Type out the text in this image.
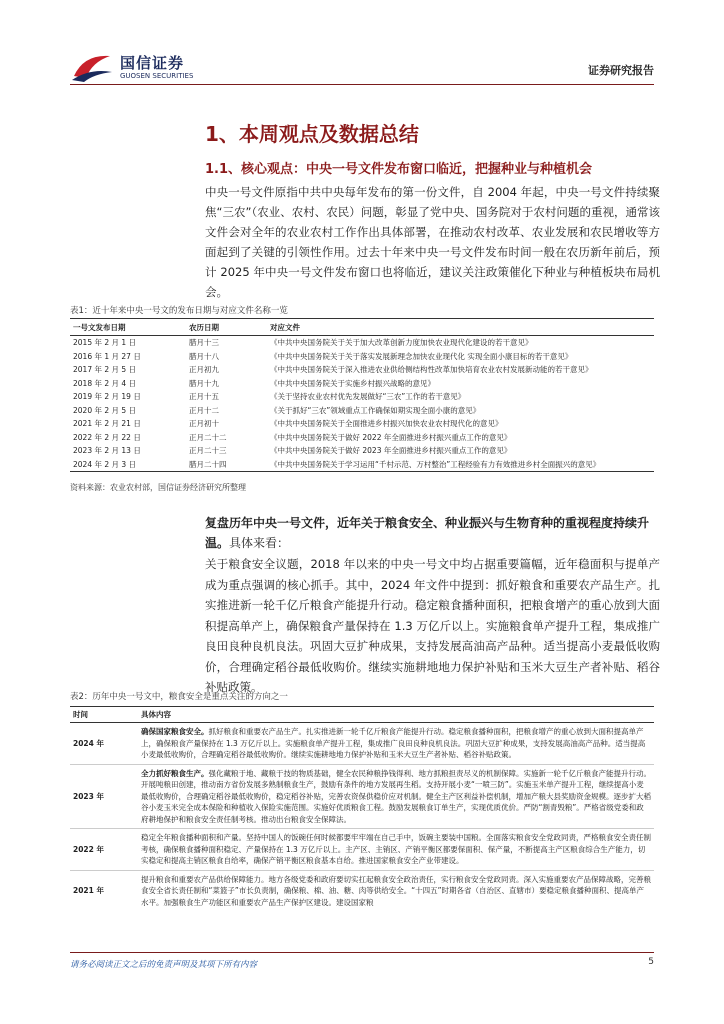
国信证券
GUOSEN SECURITIES	证券研究报告
1、本周观点及数据总结
1.1、核心观点：中央一号文件发布窗口临近，把握种业与种植机会
中央一号文件原指中共中央每年发布的第一份文件，自 2004 年起，中央一号文件持续聚焦“三农”（农业、农村、农民）问题，彰显了党中央、国务院对于农村问题的重视，通常该文件会对全年的农业农村工作作出具体部署，在推动农村改革、农业发展和农民增收等方面起到了关键的引领性作用。过去十年来中央一号文件发布时间一般在农历新年前后，预计 2025 年中央一号文件发布窗口也将临近，建议关注政策催化下种业与种植板块布局机会。
表1：近十年来中央一号文的发布日期与对应文件名称一览
一号文发布日期	农历日期	对应文件
2015 年 2 月 1 日	腊月十三	《中共中央国务院关于关于加大改革创新力度加快农业现代化建设的若干意见》
2016 年 1 月 27 日	腊月十八	《中共中央国务院关于关于落实发展新理念加快农业现代化 实现全面小康目标的若干意见》
2017 年 2 月 5 日	正月初九	《中共中央国务院关于深入推进农业供给侧结构性改革加快培育农业农村发展新动能的若干意见》
2018 年 2 月 4 日	腊月十九	《中共中央国务院关于实施乡村振兴战略的意见》
2019 年 2 月 19 日	正月十五	《关于坚持农业农村优先发展做好“三农”工作的若干意见》
2020 年 2 月 5 日	正月十二	《关于抓好“三农”领域重点工作确保如期实现全面小康的意见》
2021 年 2 月 21 日	正月初十	《中共中央国务院关于全面推进乡村振兴加快农业农村现代化的意见》
2022 年 2 月 22 日	正月二十二	《中共中央国务院关于做好 2022 年全面推进乡村振兴重点工作的意见》
2023 年 2 月 13 日	正月二十三	《中共中央国务院关于做好 2023 年全面推进乡村振兴重点工作的意见》
2024 年 2 月 3 日	腊月二十四	《中共中央国务院关于学习运用“千村示范、万村整治”工程经验有力有效推进乡村全面振兴的意见》
资料来源：农业农村部，国信证券经济研究所整理
复盘历年中央一号文件，近年关于粮食安全、种业振兴与生物育种的重视程度持续升温。具体来看：
关于粮食安全议题，2018 年以来的中央一号文中均占据重要篇幅，近年稳面积与提单产成为重点强调的核心抓手。其中，2024 年文件中提到：抓好粮食和重要农产品生产。扎实推进新一轮千亿斤粮食产能提升行动。稳定粮食播种面积，把粮食增产的重心放到大面积提高单产上，确保粮食产量保持在 1.3 万亿斤以上。实施粮食单产提升工程，集成推广良田良种良机良法。巩固大豆扩种成果，支持发展高油高产品种。适当提高小麦最低收购价，合理确定稻谷最低收购价。继续实施耕地地力保护补贴和玉米大豆生产者补贴、稻谷补贴政策。
表2：历年中央一号文中，粮食安全是重点关注的方向之一
时间	具体内容
2024 年	确保国家粮食安全。抓好粮食和重要农产品生产。扎实推进新一轮千亿斤粮食产能提升行动。稳定粮食播种面积，把粮食增产的重心放到大面积提高单产上，确保粮食产量保持在 1.3 万亿斤以上。实施粮食单产提升工程，集成推广良田良种良机良法。巩固大豆扩种成果，支持发展高油高产品种。适当提高小麦最低收购价，合理确定稻谷最低收购价。继续实施耕地地力保护补贴和玉米大豆生产者补贴、稻谷补贴政策。
2023 年	全力抓好粮食生产。强化藏粮于地、藏粮于技的物质基础，健全农民种粮挣钱得利、地方抓粮担责尽义的机制保障。实施新一轮千亿斤粮食产能提升行动。开展吨粮田创建，推动南方省份发展多熟制粮食生产，鼓励有条件的地方发展再生稻。支持开展小麦“一喷三防”。实施玉米单产提升工程，继续提高小麦最低收购价，合理确定稻谷最低收购价，稳定稻谷补贴，完善农资保供稳价应对机制。健全主产区利益补偿机制，增加产粮大县奖励资金规模。逐步扩大稻谷小麦玉米完全成本保险和种植收入保险实施范围。实施好优质粮食工程。鼓励发展粮食订单生产，实现优质优价。严防“割青毁粮”。严格省级党委和政府耕地保护和粮食安全责任制考核。推动出台粮食安全保障法。
2022 年	稳定全年粮食播种面积和产量。坚持中国人的饭碗任何时候都要牢牢端在自己手中，饭碗主要装中国粮。全面落实粮食安全党政同责，严格粮食安全责任制考核，确保粮食播种面积稳定、产量保持在 1.3 万亿斤以上。主产区、主销区、产销平衡区都要保面积、保产量，不断提高主产区粮食综合生产能力，切实稳定和提高主销区粮食自给率，确保产销平衡区粮食基本自给。推进国家粮食安全产业带建设。
2021 年	提升粮食和重要农产品供给保障能力。地方各级党委和政府要切实扛起粮食安全政治责任，实行粮食安全党政同责。深入实施重要农产品保障战略，完善粮食安全省长责任制和“菜篮子”市长负责制，确保粮、棉、油、糖、肉等供给安全。“十四五”时期各省（自治区、直辖市）要稳定粮食播种面积、提高单产水平。加强粮食生产功能区和重要农产品生产保护区建设。建设国家粮
请务必阅读正文之后的免责声明及其项下所有内容	5
